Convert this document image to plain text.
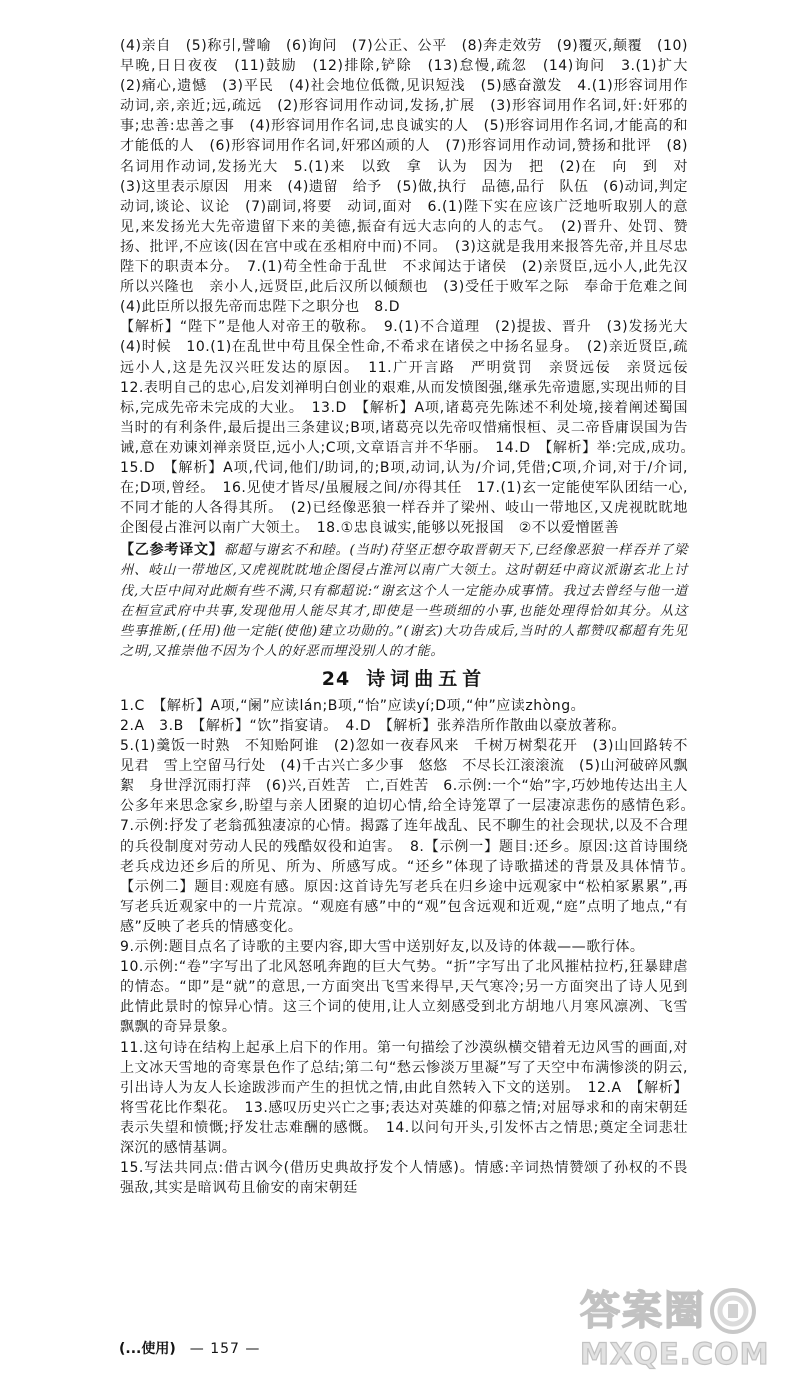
(4)亲自　(5)称引,譬喻　(6)询问　(7)公正、公平　(8)奔走效劳　(9)覆灭,颠覆　(10)早晚,日日夜夜　(11)鼓励　(12)排除,铲除　(13)怠慢,疏忽　(14)询问　3.(1)扩大　(2)痛心,遗憾　(3)平民　(4)社会地位低微,见识短浅　(5)感奋激发　4.(1)形容词用作动词,亲,亲近;远,疏远　(2)形容词用作动词,发扬,扩展　(3)形容词用作名词,奸:奸邪的事;忠善:忠善之事　(4)形容词用作名词,忠良诚实的人　(5)形容词用作名词,才能高的和才能低的人　(6)形容词用作名词,奸邪凶顽的人　(7)形容词用作动词,赞扬和批评　(8)名词用作动词,发扬光大　5.(1)来　以致　拿　认为　因为　把　(2)在　向　到　对　(3)这里表示原因　用来　(4)遗留　给予　(5)做,执行　品德,品行　队伍　(6)动词,判定　动词,谈论、议论　(7)副词,将要　动词,面对　6.(1)陛下实在应该广泛地听取别人的意见,来发扬光大先帝遗留下来的美德,振奋有远大志向的人的志气。　(2)晋升、处罚、赞扬、批评,不应该(因在宫中或在丞相府中而)不同。　(3)这就是我用来报答先帝,并且尽忠陛下的职责本分。　7.(1)苟全性命于乱世　不求闻达于诸侯　(2)亲贤臣,远小人,此先汉所以兴隆也　亲小人,远贤臣,此后汉所以倾颓也　(3)受任于败军之际　奉命于危难之间　(4)此臣所以报先帝而忠陛下之职分也　8.D

【解析】“陛下”是他人对帝王的敬称。　9.(1)不合道理　(2)提拔、晋升　(3)发扬光大　(4)时候　10.(1)在乱世中苟且保全性命,不希求在诸侯之中扬名显身。　(2)亲近贤臣,疏远小人,这是先汉兴旺发达的原因。　11.广开言路　严明赏罚　亲贤远佞　亲贤远佞　12.表明自己的忠心,启发刘禅明白创业的艰难,从而发愤图强,继承先帝遗愿,实现出师的目标,完成先帝未完成的大业。　13.D　【解析】A项,诸葛亮先陈述不利处境,接着阐述蜀国当时的有利条件,最后提出三条建议;B项,诸葛亮以先帝叹惜痛恨桓、灵二帝昏庸误国为告诫,意在劝谏刘禅亲贤臣,远小人;C项,文章语言并不华丽。　14.D　【解析】举:完成,成功。　15.D　【解析】A项,代词,他们/助词,的;B项,动词,认为/介词,凭借;C项,介词,对于/介词,在;D项,曾经。　16.见使才皆尽/虽履屐之间/亦得其任　17.(1)玄一定能使军队团结一心,不同才能的人各得其所。　(2)已经像恶狼一样吞并了梁州、岐山一带地区,又虎视眈眈地企图侵占淮河以南广大领土。　18.①忠良诚实,能够以死报国　②不以爱憎匿善

【乙参考译文】郗超与谢玄不和睦。(当时)苻坚正想夺取晋朝天下,已经像恶狼一样吞并了梁州、岐山一带地区,又虎视眈眈地企图侵占淮河以南广大领土。这时朝廷中商议派谢玄北上讨伐,大臣中间对此颇有些不满,只有郗超说:“谢玄这个人一定能办成事情。我过去曾经与他一道在桓宣武府中共事,发现他用人能尽其才,即使是一些琐细的小事,也能处理得恰如其分。从这些事推断,(任用)他一定能(使他)建立功勋的。”(谢玄)大功告成后,当时的人都赞叹郗超有先见之明,又推崇他不因为个人的好恶而埋没别人的才能。

24 诗词曲五首

1.C　【解析】A项,“阑”应读lán;B项,“怡”应读yí;D项,“仲”应读zhòng。

2.A　3.B　【解析】“饮”指宴请。　4.D　【解析】张养浩所作散曲以豪放著称。

5.(1)羹饭一时熟　不知贻阿谁　(2)忽如一夜春风来　千树万树梨花开　(3)山回路转不见君　雪上空留马行处　(4)千古兴亡多少事　悠悠　不尽长江滚滚流　(5)山河破碎风飘絮　身世浮沉雨打萍　(6)兴,百姓苦　亡,百姓苦　6.示例:一个“始”字,巧妙地传达出主人公多年来思念家乡,盼望与亲人团聚的迫切心情,给全诗笼罩了一层凄凉悲伤的感情色彩。　7.示例:抒发了老翁孤独凄凉的心情。揭露了连年战乱、民不聊生的社会现状,以及不合理的兵役制度对劳动人民的残酷奴役和迫害。　8.【示例一】题目:还乡。原因:这首诗围绕老兵戍边还乡后的所见、所为、所感写成。“还乡”体现了诗歌描述的背景及具体情节。　【示例二】题目:观庭有感。原因:这首诗先写老兵在归乡途中远观家中“松柏冢累累”,再写老兵近观家中的一片荒凉。“观庭有感”中的“观”包含远观和近观,“庭”点明了地点,“有感”反映了老兵的情感变化。

9.示例:题目点名了诗歌的主要内容,即大雪中送别好友,以及诗的体裁——歌行体。

10.示例:“卷”字写出了北风怒吼奔跑的巨大气势。“折”字写出了北风摧枯拉朽,狂暴肆虐的情态。“即”是“就”的意思,一方面突出飞雪来得早,天气寒冷;另一方面突出了诗人见到此情此景时的惊异心情。这三个词的使用,让人立刻感受到北方胡地八月寒风凛冽、飞雪飘飘的奇异景象。

11.这句诗在结构上起承上启下的作用。第一句描绘了沙漠纵横交错着无边风雪的画面,对上文冰天雪地的奇寒景色作了总结;第二句“愁云惨淡万里凝”写了天空中布满惨淡的阴云,引出诗人为友人长途跋涉而产生的担忧之情,由此自然转入下文的送别。　12.A　【解析】将雪花比作梨花。　13.感叹历史兴亡之事;表达对英雄的仰慕之情;对屈辱求和的南宋朝廷表示失望和愤慨;抒发壮志难酬的感慨。　14.以问句开头,引发怀古之情思;奠定全词悲壮深沉的感情基调。

15.写法共同点:借古讽今(借历史典故抒发个人情感)。情感:辛词热情赞颂了孙权的不畏强敌,其实是暗讽苟且偷安的南宋朝廷

(...使用) — 157 —
答案圈
MXQE.COM
